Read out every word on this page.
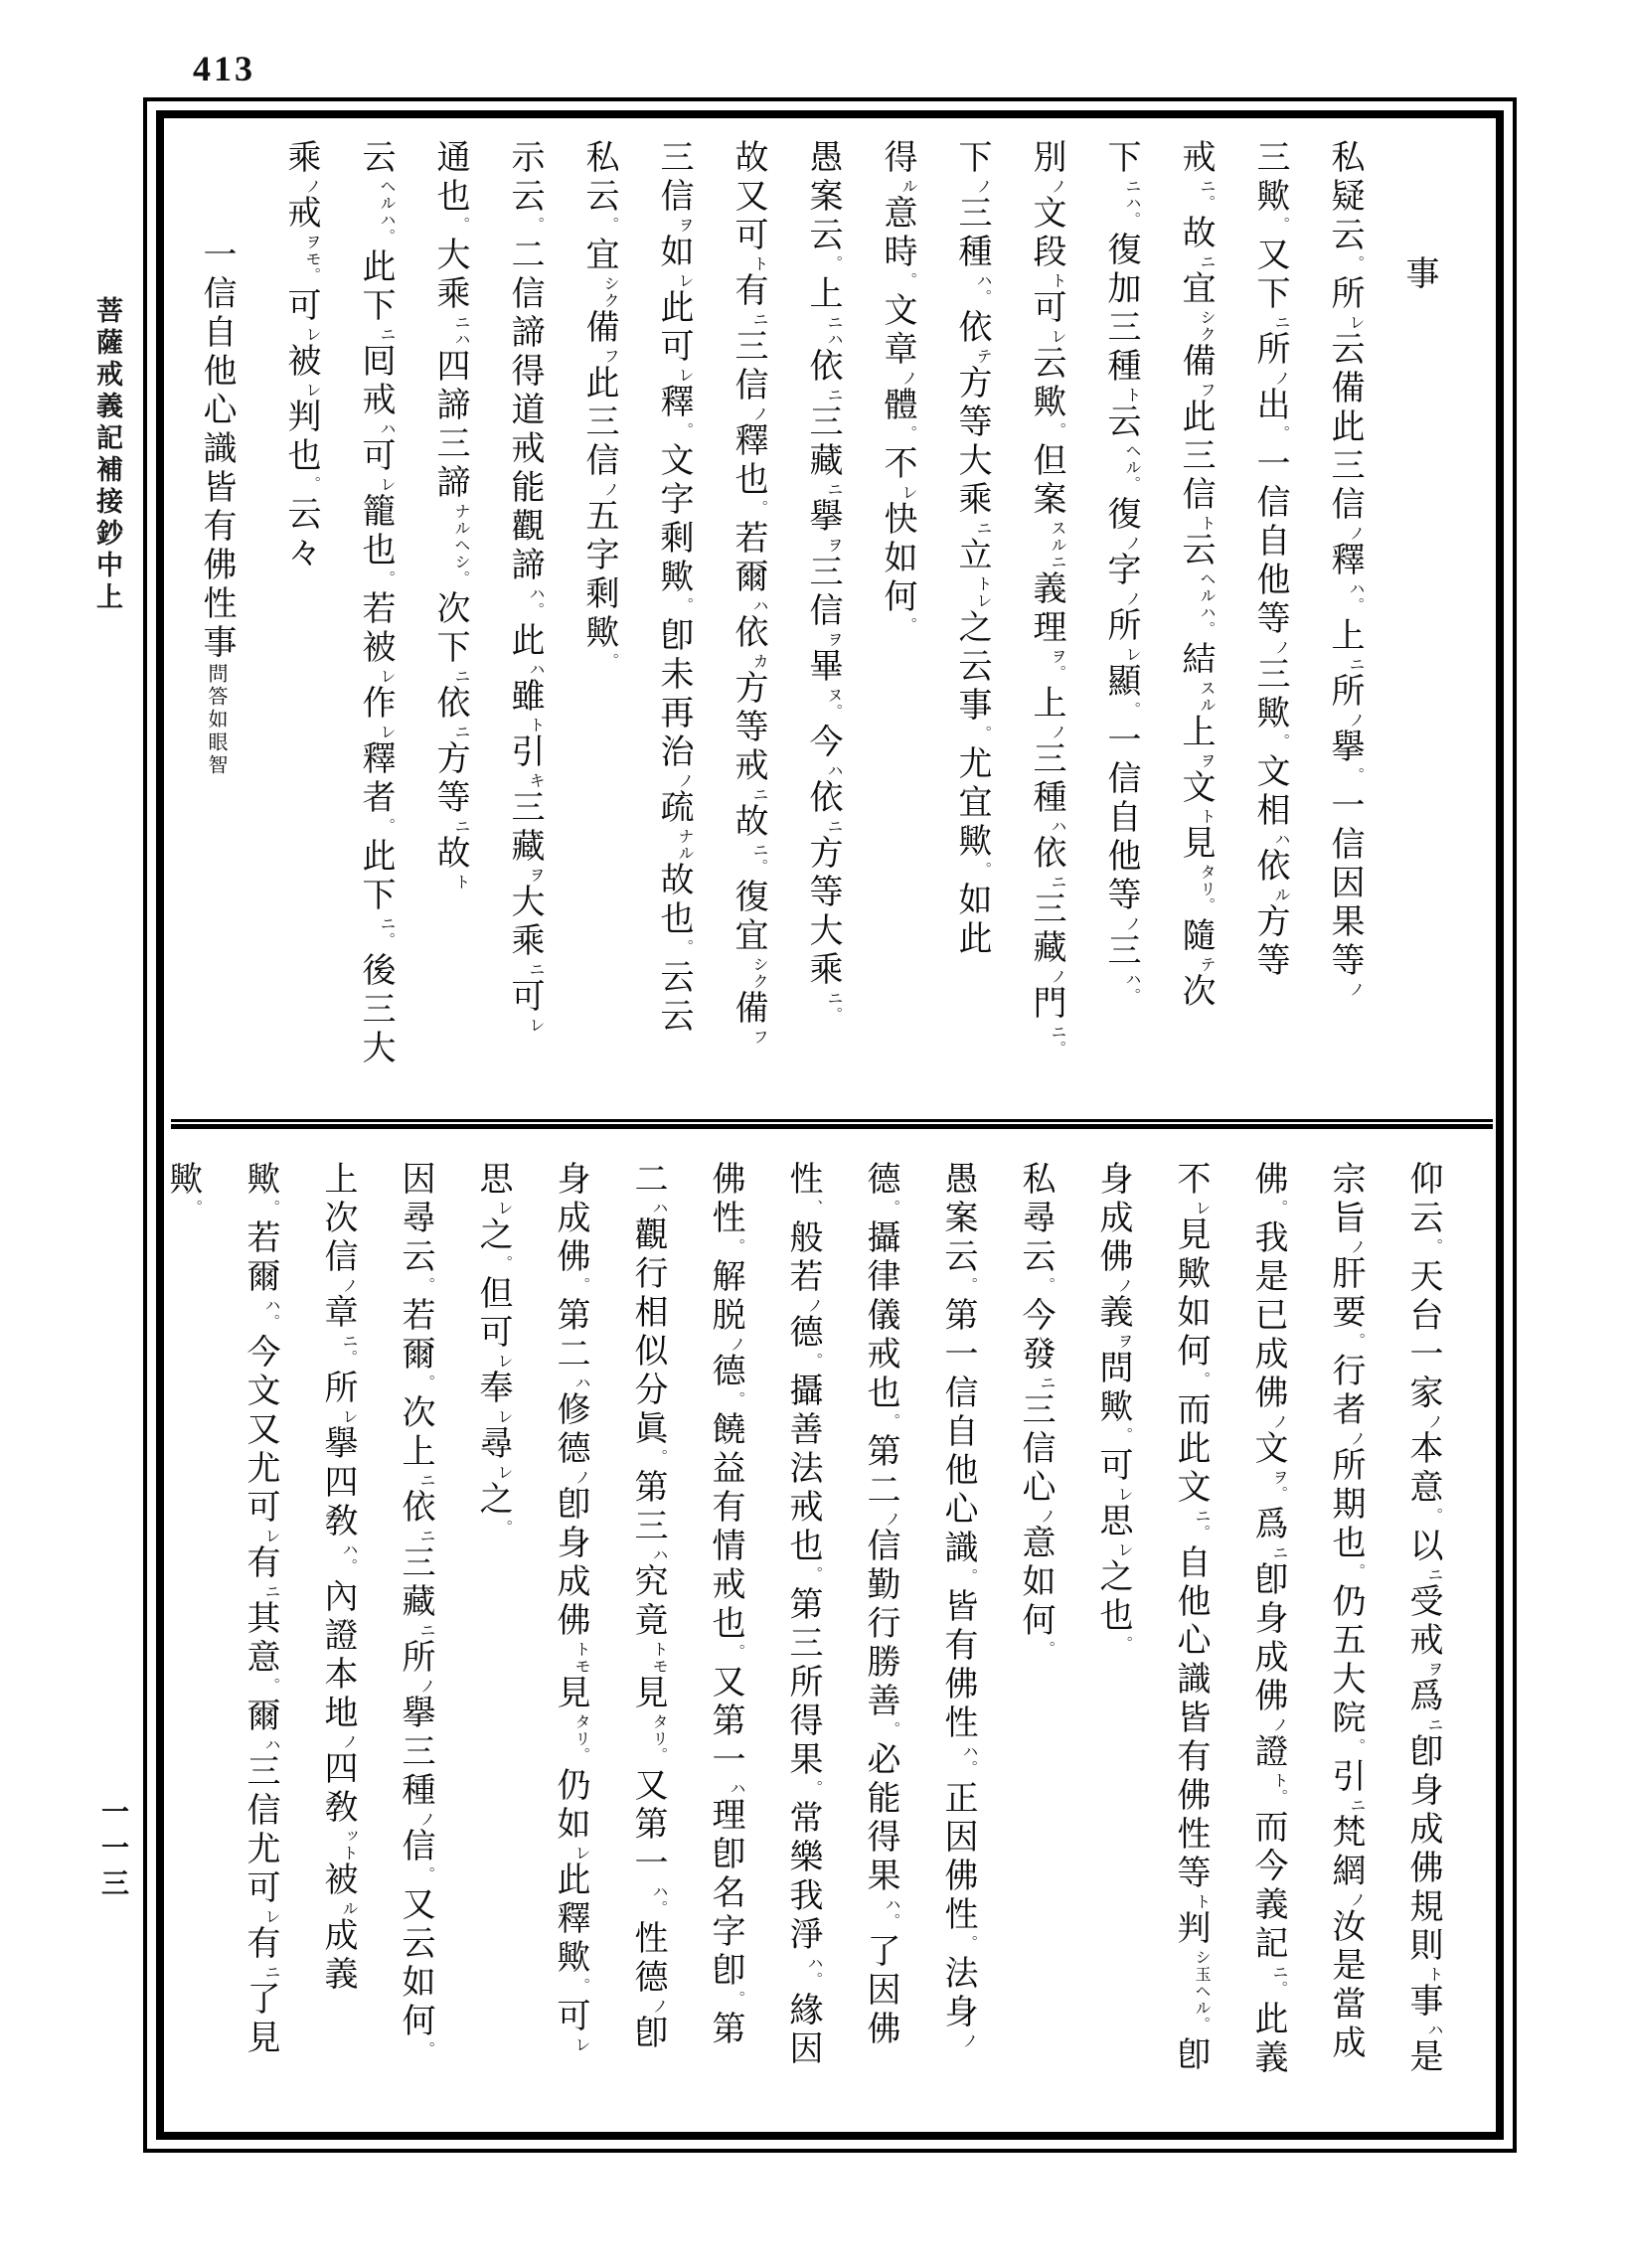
413
菩薩戒義記補接鈔中上
一一三
事
私疑云。所レ云備此三信ノ釋ハ。上ニ所ノ擧。一信因果等ノ
三歟。又下ニ所ノ出。一信自他等ノ三歟。文相ハ依ル方等
戒ニ。故ニ宜シク備フ此三信ト云ヘルハ。結スル上ヲ文ト見タリ。隨テ次
下ニハ。復加三種ト云ヘル。復ノ字ノ所レ顯。一信自他等ノ三ハ。
別ノ文段ト可レ云歟。但案スルニ義理ヲ。上ノ三種ハ依ニ三藏ノ門ニ。
下ノ三種ハ。依テ方等大乘ニ立トレ之云事。尤宜歟。如此
得ル意時。文章ノ體。不レ快如何。
愚案云。上ニハ依ニ三藏ニ擧ヲ三信ヲ畢ヌ。今ハ依ニ方等大乘ニ。
故又可ト有ニ三信ノ釋也。若爾ハ依カ方等戒ニ故ニ。復宜シク備フ
三信ヲ如レ此可レ釋。文字剩歟。卽未再治ノ疏ナル故也。云云
私云。宜シク備フ此三信ノ五字剩歟。
示云。二信諦得道戒能觀諦ハ。此ハ雖ト引キ三藏ヲ大乘ニ可レ
通也。大乘ニハ四諦三諦ナルヘシ。次下ニ依ニ方等ニ故ト
云ヘルハ。此下ニ囘戒ハ可レ籠也。若被レ作レ釋者。此下ニ。後三大
乘ノ戒ヲモ。可レ被レ判也。云々
一信自他心識皆有佛性事問答如眼智
仰云。天台一家ノ本意。以ニ受戒ヲ爲ニ卽身成佛規則ト事ハ是
宗旨ノ肝要。行者ノ所期也。仍五大院。引ニ梵網ノ汝是當成
佛。我是已成佛ノ文ヲ。爲ニ卽身成佛ノ證ト。而今義記ニ。此義
不レ見歟如何。而此文ニ。自他心識皆有佛性等ト判シ玉ヘル。卽
身成佛ノ義ヲ問歟。可レ思レ之也。
私尋云。今發ニ三信心ノ意如何。
愚案云。第一信自他心識。皆有佛性ハ。正因佛性。法身ノ
德。攝律儀戒也。第二ノ信勤行勝善。必能得果ハ。了因佛
性、般若ノ德。攝善法戒也。第三所得果。常樂我淨ハ。緣因
佛性。解脱ノ德。饒益有情戒也。又第一ハ理卽名字卽。第
二ハ觀行相似分眞。第三ハ究竟トモ見タリ。又第一ハ。性德ノ卽
身成佛。第二ハ修德ノ卽身成佛トモ見タリ。仍如レ此釋歟。可レ
思レ之。但可レ奉レ尋レ之。
因尋云。若爾。次上ニ依ニ三藏ニ所ノ擧三種ノ信。又云如何。
上次信ノ章ニ。所レ擧四敎ハ。內證本地ノ四敎ット被ル成義
歟。若爾ハ。今文又尤可レ有ニ其意。爾ハ三信尤可レ有ニ了見
歟。
